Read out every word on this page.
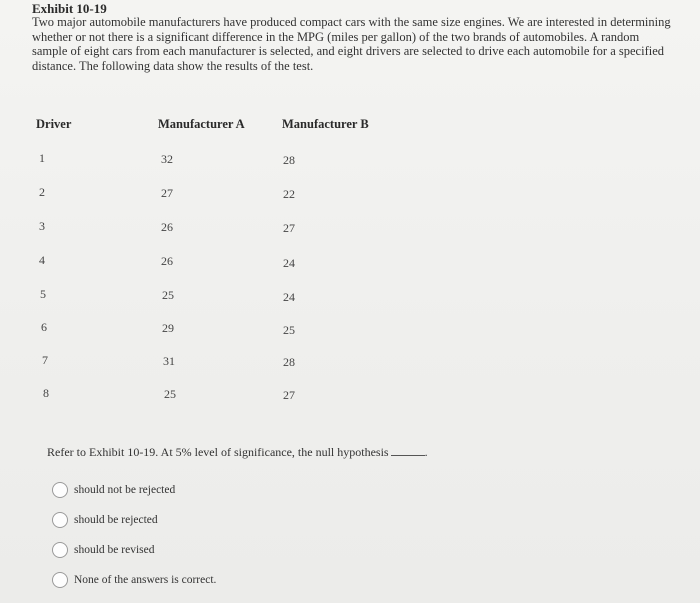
Exhibit 10-19
Two major automobile manufacturers have produced compact cars with the same size engines. We are interested in determining whether or not there is a significant difference in the MPG (miles per gallon) of the two brands of automobiles. A random sample of eight cars from each manufacturer is selected, and eight drivers are selected to drive each automobile for a specified distance. The following data show the results of the test.
Driver	Manufacturer A	Manufacturer B
1	32	28
2	27	22
3	26	27
4	26	24
5	25	24
6	29	25
7	31	28
8	25	27
Refer to Exhibit 10-19. At 5% level of significance, the null hypothesis	.
should not be rejected
should be rejected
should be revised
None of the answers is correct.
